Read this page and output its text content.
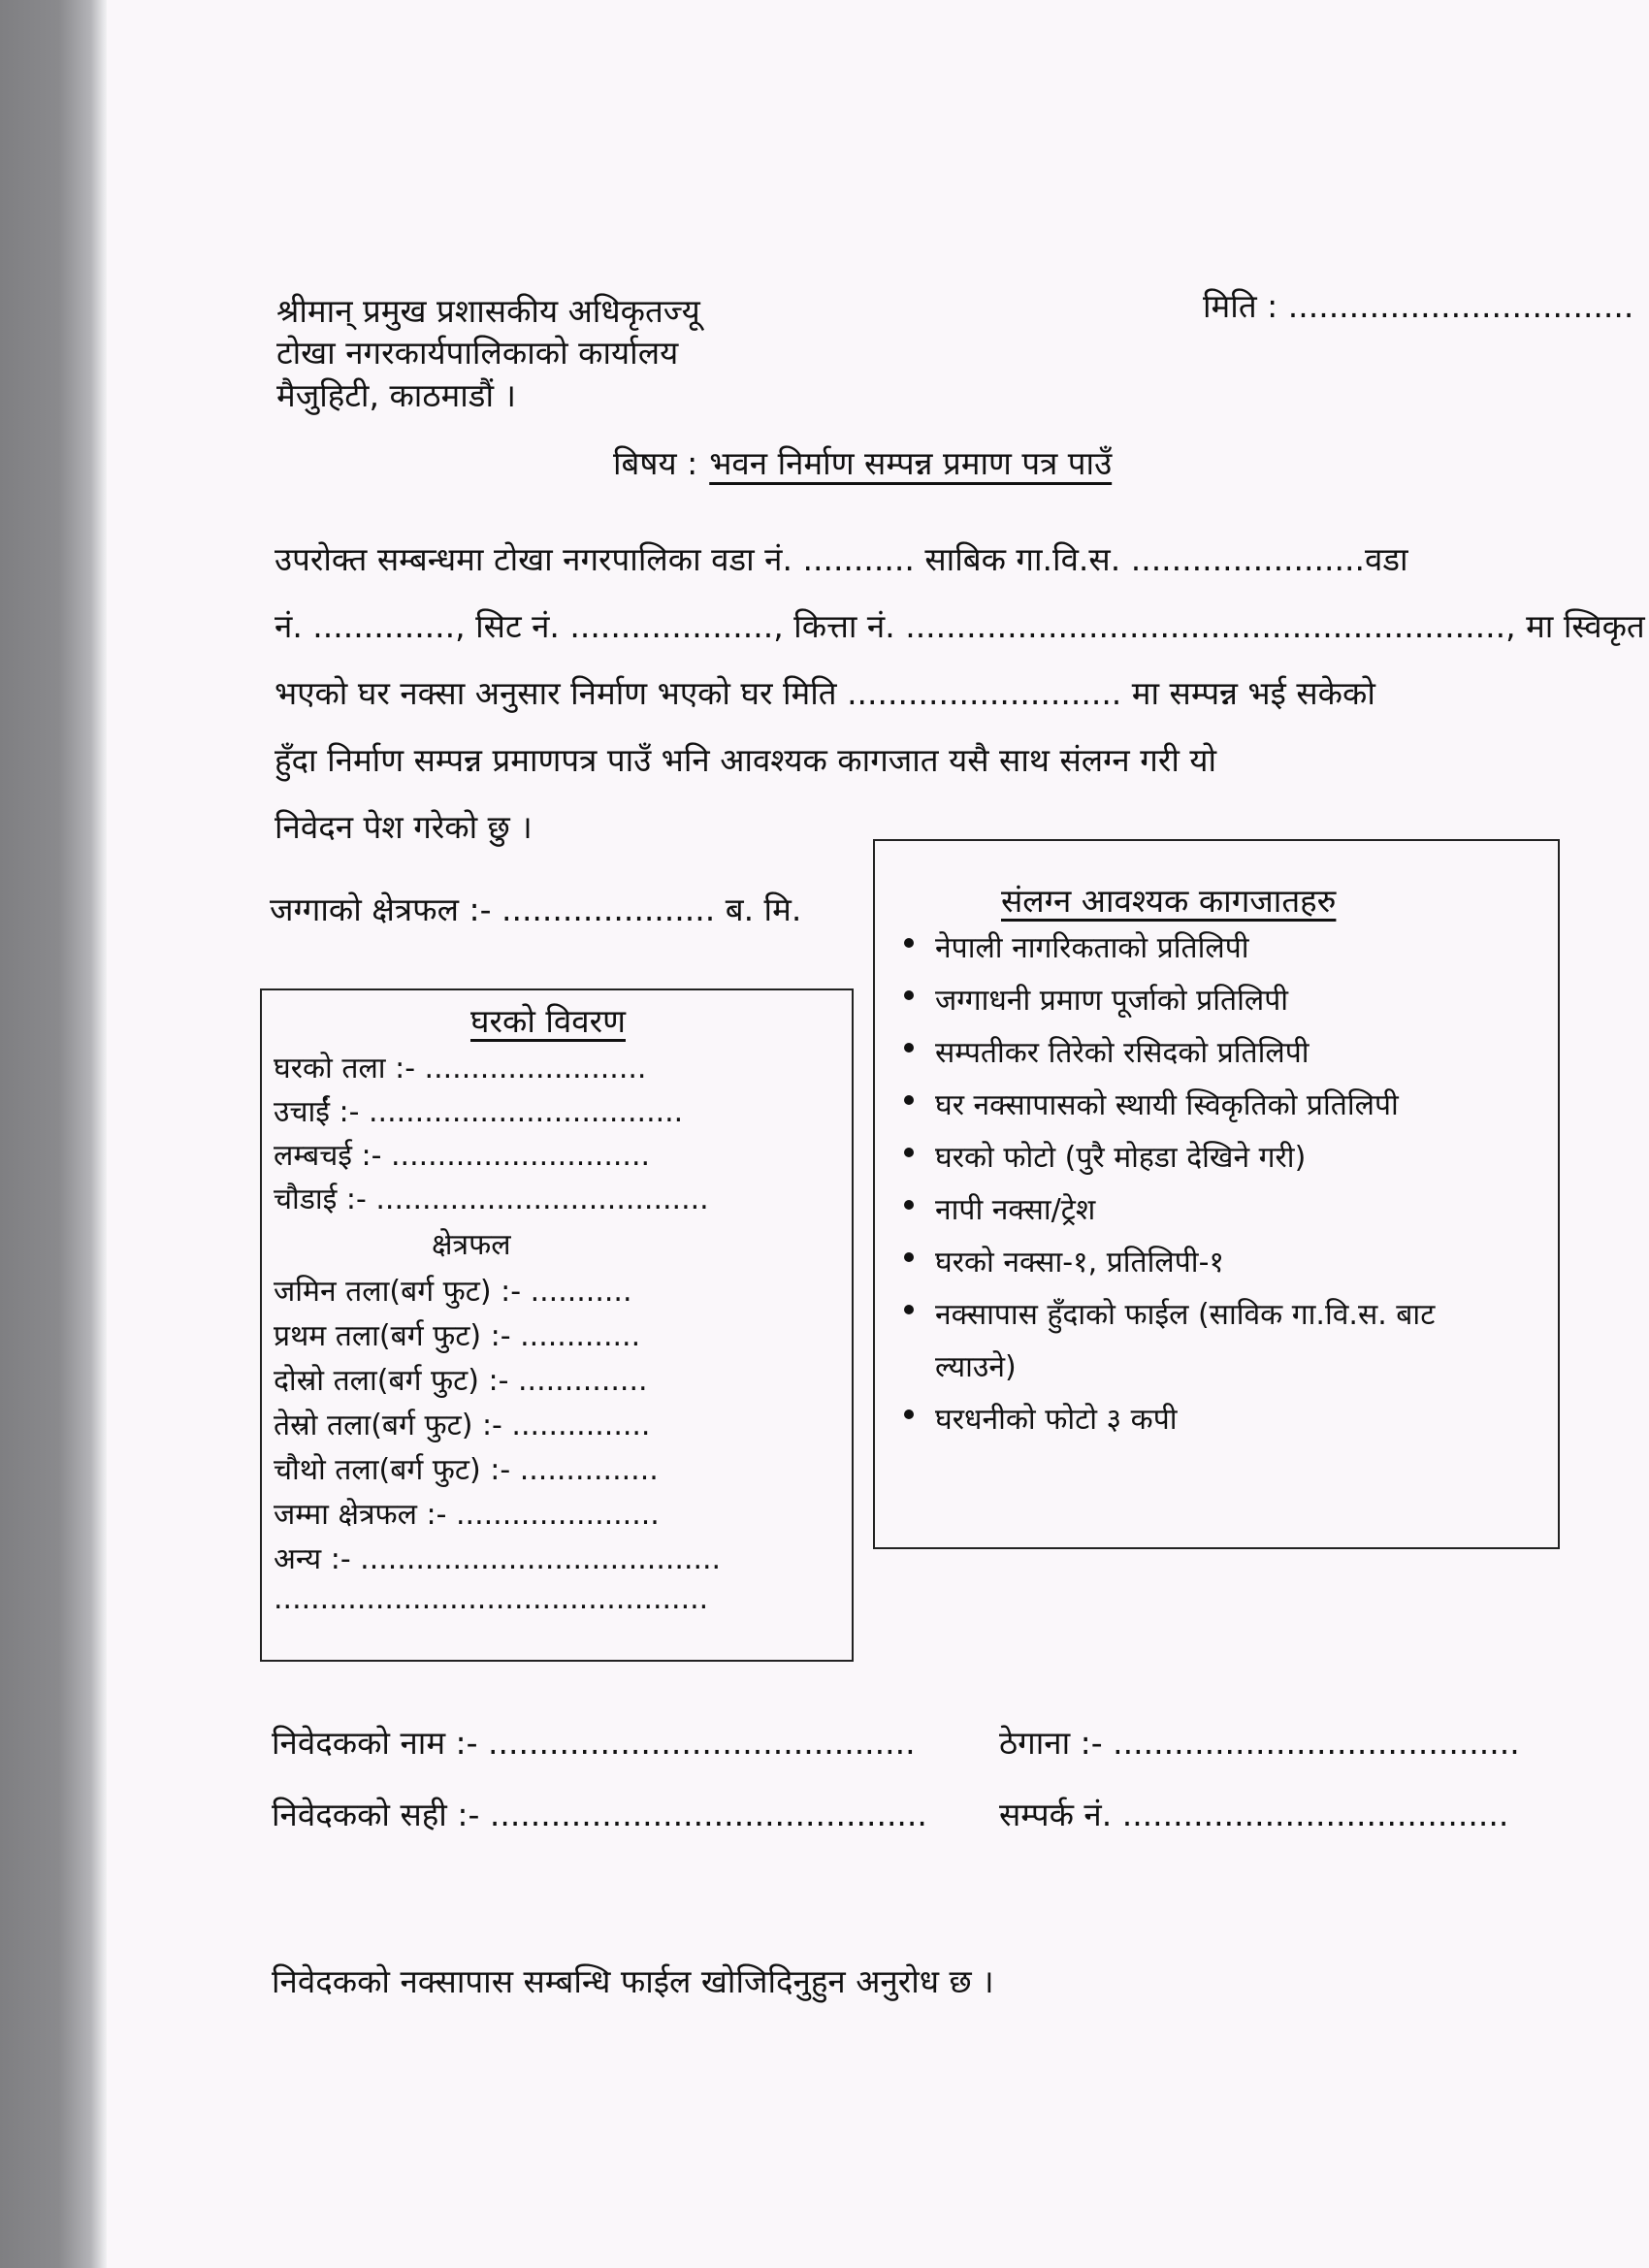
श्रीमान् प्रमुख प्रशासकीय अधिकृतज्यू
टोखा नगरकार्यपालिकाको कार्यालय
मैजुहिटी, काठमाडौं ।
मिति : ..................................
बिषय : भवन निर्माण सम्पन्न प्रमाण पत्र पाउँ
उपरोक्त सम्बन्धमा टोखा नगरपालिका वडा नं. ........... साबिक गा.वि.स. .......................वडा
नं. .............., सिट नं. ...................., कित्ता नं. ..........................................................., मा स्विकृत
भएको घर नक्सा अनुसार निर्माण भएको घर मिति ........................... मा सम्पन्न भई सकेको
हुँदा निर्माण सम्पन्न प्रमाणपत्र पाउँ भनि आवश्यक कागजात यसै साथ संलग्न गरी यो
निवेदन पेश गरेको छु ।
जग्गाको क्षेत्रफल :- ..................... ब. मि.
घरको विवरण
घरको तला :- ........................
उचाईं :- ..................................
लम्बचई :- ............................
चौडाई :- ....................................
क्षेत्रफल
जमिन तला(बर्ग फुट) :- ...........
प्रथम तला(बर्ग फुट) :- .............
दोस्रो तला(बर्ग फुट) :- ..............
तेस्रो तला(बर्ग फुट) :- ...............
चौथो तला(बर्ग फुट) :- ...............
जम्मा क्षेत्रफल :- ......................
अन्य :- .......................................
...............................................
संलग्न आवश्यक कागजातहरु
नेपाली नागरिकताको प्रतिलिपी
जग्गाधनी प्रमाण पूर्जाको प्रतिलिपी
सम्पतीकर तिरेको रसिदको प्रतिलिपी
घर नक्सापासको स्थायी स्विकृतिको प्रतिलिपी
घरको फोटो (पुरै मोहडा देखिने गरी)
नापी नक्सा/ट्रेश
घरको नक्सा-१, प्रतिलिपी-१
नक्सापास हुँदाको फाईल (साविक गा.वि.स. बाट ल्याउने)
घरधनीको फोटो ३ कपी
निवेदकको नाम :- ..........................................	ठेगाना :- ........................................
निवेदकको सही :- ........................................... सम्पर्क नं. ......................................
निवेदकको नक्सापास सम्बन्धि फाईल खोजिदिनुहुन अनुरोध छ ।
